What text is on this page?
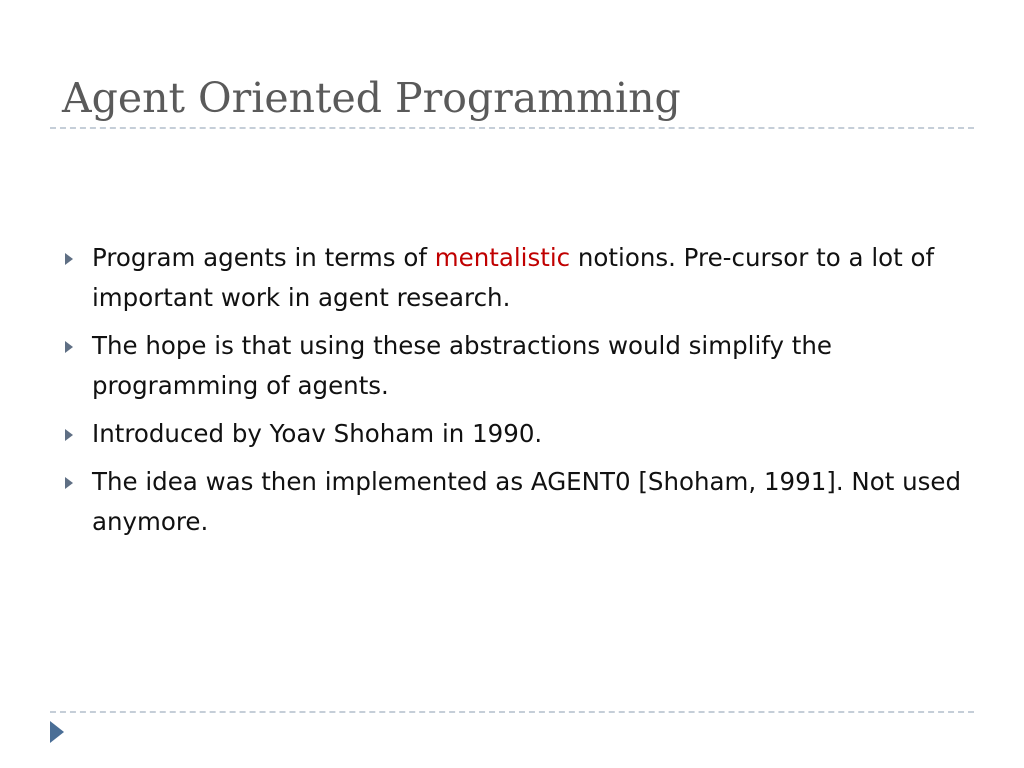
Agent Oriented Programming
Program agents in terms of mentalistic notions. Pre-cursor to a lot of important work in agent research.
The hope is that using these abstractions would simplify the programming of agents.
Introduced by Yoav Shoham in 1990.
The idea was then implemented as AGENT0 [Shoham, 1991]. Not used anymore.
